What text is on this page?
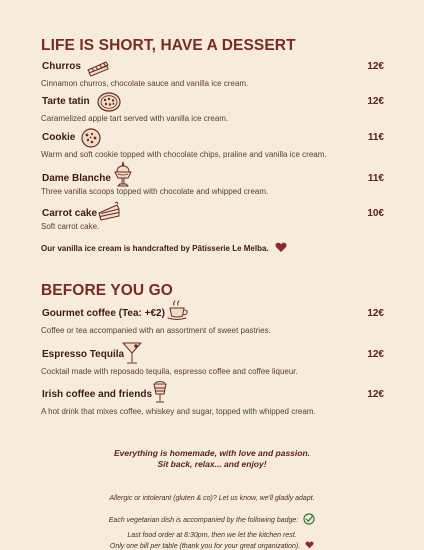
LIFE IS SHORT, HAVE A DESSERT
Churros	12€
Cinnamon churros, chocolate sauce and vanilla ice cream.
Tarte tatin	12€
Caramelized apple tart served with vanilla ice cream.
Cookie	11€
Warm and soft cookie topped with chocolate chips, praline and vanilla ice cream.
Dame Blanche	11€
Three vanilla scoops topped with chocolate and whipped cream.
Carrot cake	10€
Soft carrot cake.
Our vanilla ice cream is handcrafted by Pâtisserie Le Melba.
BEFORE YOU GO
Gourmet coffee (Tea: +€2)	12€
Coffee or tea accompanied with an assortment of sweet pastries.
Espresso Tequila	12€
Cocktail made with reposado tequila, espresso coffee and coffee liqueur.
Irish coffee and friends	12€
A hot drink that mixes coffee, whiskey and sugar, topped with whipped cream.
Everything is homemade, with love and passion.
Sit back, relax... and enjoy!
Allergic or intolerant (gluten & co)? Let us know, we'll gladly adapt.
Each vegetarian dish is accompanied by the following badge:
Last food order at 8:30pm, then we let the kitchen rest.
Only one bill per table (thank you for your great organization).
